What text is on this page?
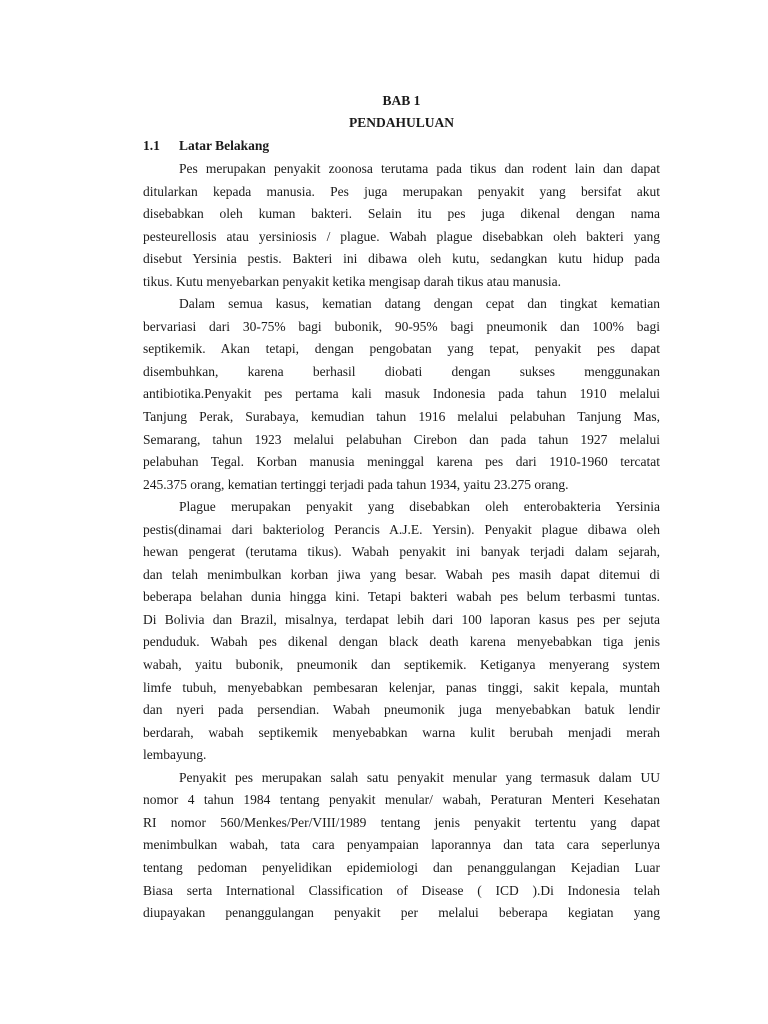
BAB 1
PENDAHULUAN
1.1 Latar Belakang
Pes merupakan penyakit zoonosa terutama pada tikus dan rodent lain dan dapat
ditularkan kepada manusia. Pes juga merupakan penyakit yang bersifat akut
disebabkan oleh kuman bakteri. Selain itu pes juga dikenal dengan nama
pesteurellosis atau yersiniosis / plague. Wabah plague disebabkan oleh bakteri yang
disebut Yersinia pestis. Bakteri ini dibawa oleh kutu, sedangkan kutu hidup pada
tikus. Kutu menyebarkan penyakit ketika mengisap darah tikus atau manusia.
Dalam semua kasus, kematian datang dengan cepat dan tingkat kematian
bervariasi dari 30-75% bagi bubonik, 90-95% bagi pneumonik dan 100% bagi
septikemik. Akan tetapi, dengan pengobatan yang tepat, penyakit pes dapat
disembuhkan, karena berhasil diobati dengan sukses menggunakan
antibiotika.Penyakit pes pertama kali masuk Indonesia pada tahun 1910 melalui
Tanjung Perak, Surabaya, kemudian tahun 1916 melalui pelabuhan Tanjung Mas,
Semarang, tahun 1923 melalui pelabuhan Cirebon dan pada tahun 1927 melalui
pelabuhan Tegal. Korban manusia meninggal karena pes dari 1910-1960 tercatat
245.375 orang, kematian tertinggi terjadi pada tahun 1934, yaitu 23.275 orang.
Plague merupakan penyakit yang disebabkan oleh enterobakteria Yersinia
pestis(dinamai dari bakteriolog Perancis A.J.E. Yersin). Penyakit plague dibawa oleh
hewan pengerat (terutama tikus). Wabah penyakit ini banyak terjadi dalam sejarah,
dan telah menimbulkan korban jiwa yang besar. Wabah pes masih dapat ditemui di
beberapa belahan dunia hingga kini. Tetapi bakteri wabah pes belum terbasmi tuntas.
Di Bolivia dan Brazil, misalnya, terdapat lebih dari 100 laporan kasus pes per sejuta
penduduk. Wabah pes dikenal dengan black death karena menyebabkan tiga jenis
wabah, yaitu bubonik, pneumonik dan septikemik. Ketiganya menyerang system
limfe tubuh, menyebabkan pembesaran kelenjar, panas tinggi, sakit kepala, muntah
dan nyeri pada persendian. Wabah pneumonik juga menyebabkan batuk lendir
berdarah, wabah septikemik menyebabkan warna kulit berubah menjadi merah
lembayung.
Penyakit pes merupakan salah satu penyakit menular yang termasuk dalam UU
nomor 4 tahun 1984 tentang penyakit menular/ wabah, Peraturan Menteri Kesehatan
RI nomor 560/Menkes/Per/VIII/1989 tentang jenis penyakit tertentu yang dapat
menimbulkan wabah, tata cara penyampaian laporannya dan tata cara seperlunya
tentang pedoman penyelidikan epidemiologi dan penanggulangan Kejadian Luar
Biasa serta International Classification of Disease ( ICD ).Di Indonesia telah
diupayakan penanggulangan penyakit per melalui beberapa kegiatan yang
